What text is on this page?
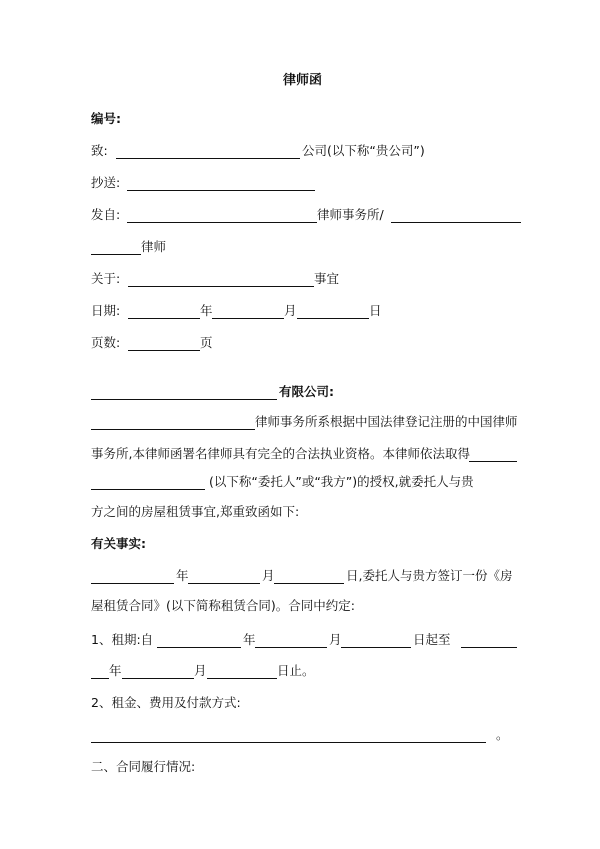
律师函
编号:
致:	公司(以下称“贵公司”)
抄送:
发自:	律师事务所/
律师
关于:	事宜
日期:	年	月	日
页数:	页
有限公司:
律师事务所系根据中国法律登记注册的中国律师
事务所,本律师函署名律师具有完全的合法执业资格。本律师依法取得
(以下称“委托人”或“我方”)的授权,就委托人与贵
方之间的房屋租赁事宜,郑重致函如下:
有关事实:
年	月	日,委托人与贵方签订一份《房
屋租赁合同》(以下简称租赁合同)。合同中约定:
1、租期:自	年	月	日起至
年	月	日止。
2、租金、费用及付款方式:
。
二、合同履行情况:
